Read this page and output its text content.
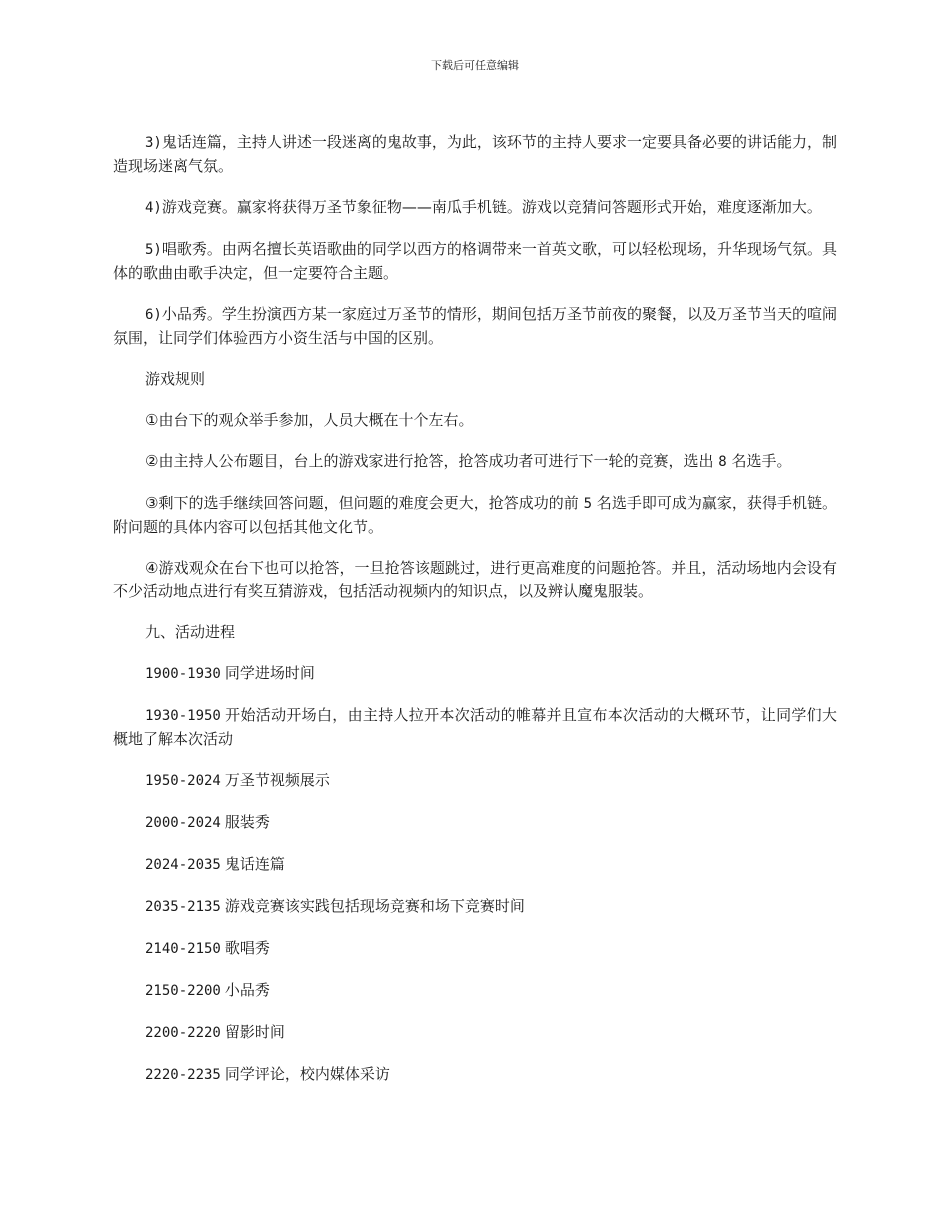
下载后可任意编辑

3)鬼话连篇，主持人讲述一段迷离的鬼故事，为此，该环节的主持人要求一定要具备必要的讲话能力，制造现场迷离气氛。

4)游戏竞赛。赢家将获得万圣节象征物——南瓜手机链。游戏以竞猜问答题形式开始，难度逐渐加大。

5)唱歌秀。由两名擅长英语歌曲的同学以西方的格调带来一首英文歌，可以轻松现场，升华现场气氛。具体的歌曲由歌手决定，但一定要符合主题。

6)小品秀。学生扮演西方某一家庭过万圣节的情形，期间包括万圣节前夜的聚餐，以及万圣节当天的喧闹氛围，让同学们体验西方小资生活与中国的区别。

游戏规则

①由台下的观众举手参加，人员大概在十个左右。

②由主持人公布题目，台上的游戏家进行抢答，抢答成功者可进行下一轮的竞赛，选出 8 名选手。

③剩下的选手继续回答问题，但问题的难度会更大，抢答成功的前 5 名选手即可成为赢家，获得手机链。附问题的具体内容可以包括其他文化节。

④游戏观众在台下也可以抢答，一旦抢答该题跳过，进行更高难度的问题抢答。并且，活动场地内会设有不少活动地点进行有奖互猜游戏，包括活动视频内的知识点，以及辨认魔鬼服装。

九、活动进程

1900-1930 同学进场时间

1930-1950 开始活动开场白，由主持人拉开本次活动的帷幕并且宣布本次活动的大概环节，让同学们大概地了解本次活动

1950-2024 万圣节视频展示

2000-2024 服装秀

2024-2035 鬼话连篇

2035-2135 游戏竞赛该实践包括现场竞赛和场下竞赛时间

2140-2150 歌唱秀

2150-2200 小品秀

2200-2220 留影时间

2220-2235 同学评论，校内媒体采访
